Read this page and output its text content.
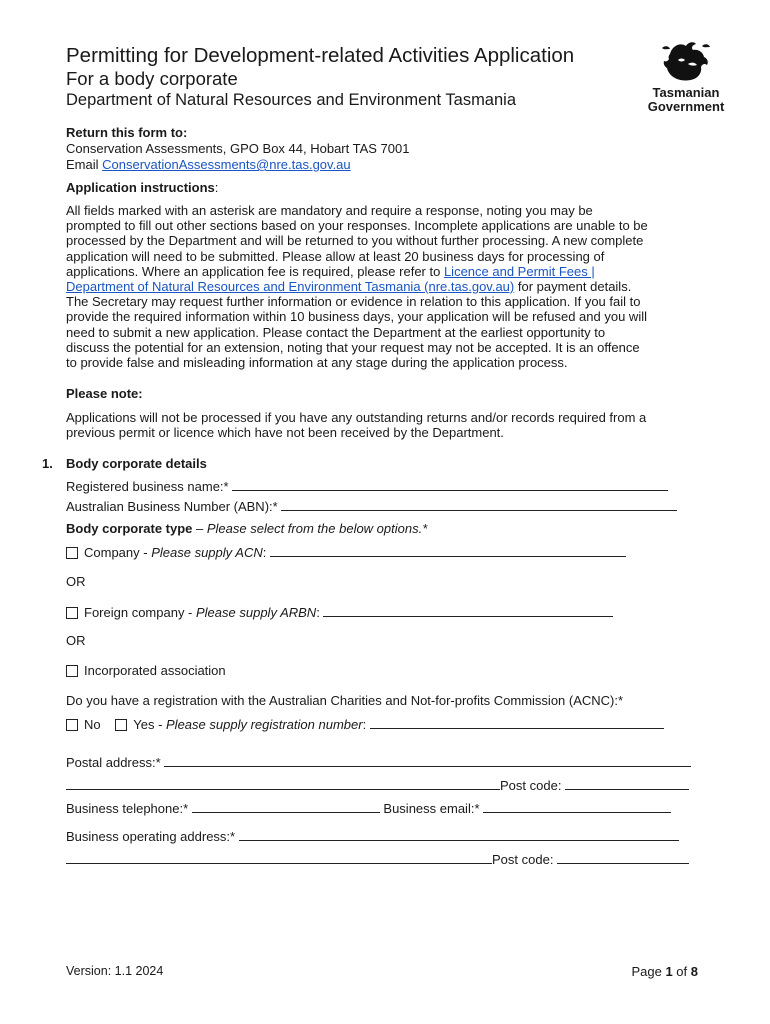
Permitting for Development-related Activities Application
For a body corporate
Department of Natural Resources and Environment Tasmania	Tasmanian
Government
Return this form to:
Conservation Assessments, GPO Box 44, Hobart TAS 7001
Email ConservationAssessments@nre.tas.gov.au
Application instructions:
All fields marked with an asterisk are mandatory and require a response, noting you may be
prompted to fill out other sections based on your responses. Incomplete applications are unable to be
processed by the Department and will be returned to you without further processing. A new complete
application will need to be submitted. Please allow at least 20 business days for processing of
applications. Where an application fee is required, please refer to Licence and Permit Fees |
Department of Natural Resources and Environment Tasmania (nre.tas.gov.au) for payment details.
The Secretary may request further information or evidence in relation to this application. If you fail to
provide the required information within 10 business days, your application will be refused and you will
need to submit a new application. Please contact the Department at the earliest opportunity to
discuss the potential for an extension, noting that your request may not be accepted. It is an offence
to provide false and misleading information at any stage during the application process.
Please note:
Applications will not be processed if you have any outstanding returns and/or records required from a
previous permit or licence which have not been received by the Department.
1. Body corporate details
Registered business name:*
Australian Business Number (ABN):*
Body corporate type – Please select from the below options.*
Company - Please supply ACN:
OR
Foreign company - Please supply ARBN:
OR
Incorporated association
Do you have a registration with the Australian Charities and Not-for-profits Commission (ACNC):*
No	Yes - Please supply registration number:
Postal address:*
Post code:
Business telephone:*	Business email:*
Business operating address:*
Post code:
Version: 1.1 2024	Page 1 of 8
